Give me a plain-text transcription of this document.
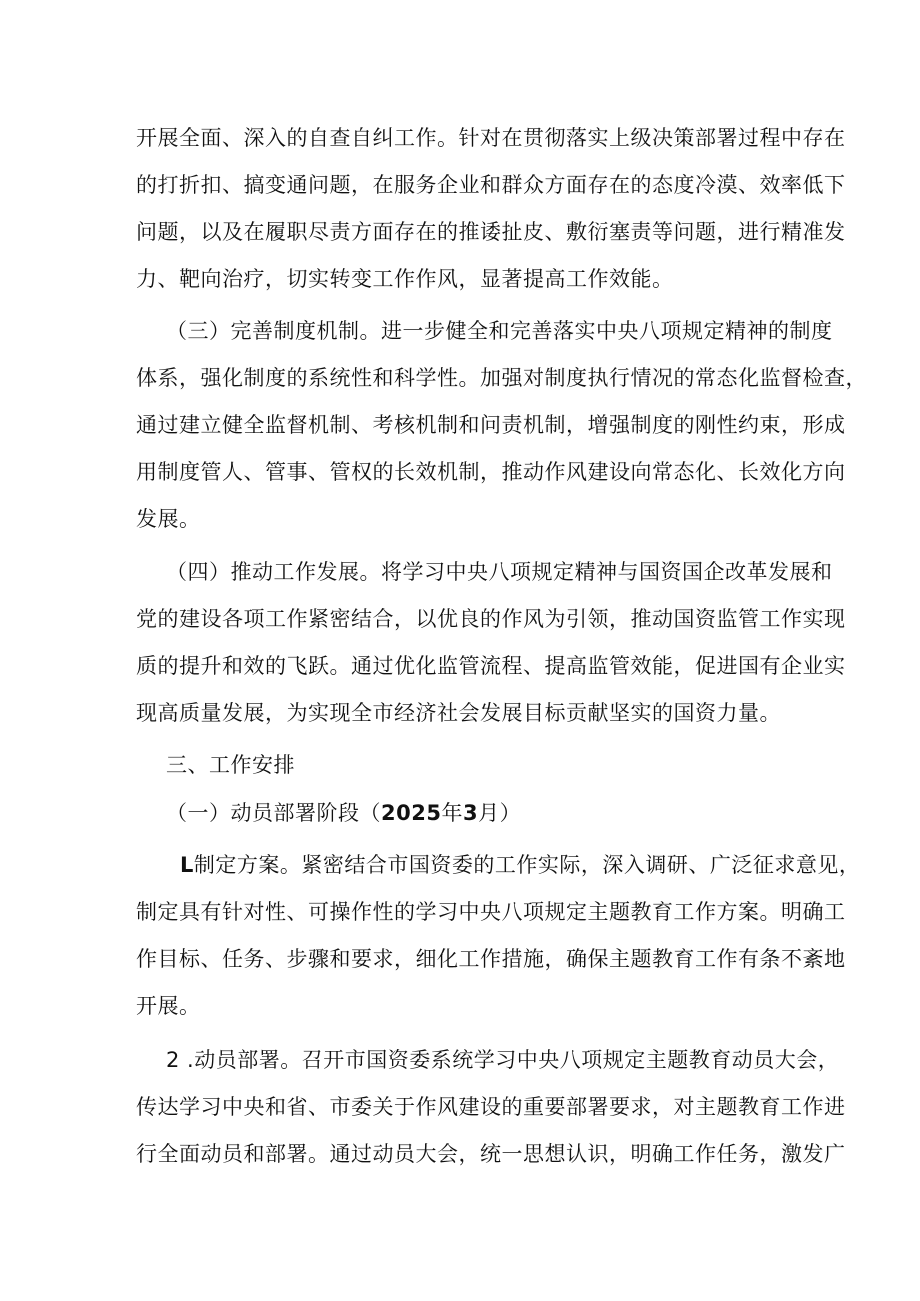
开展全面、深入的自查自纠工作。针对在贯彻落实上级决策部署过程中存在
的打折扣、搞变通问题，在服务企业和群众方面存在的态度冷漠、效率低下
问题，以及在履职尽责方面存在的推诿扯皮、敷衍塞责等问题，进行精准发
力、靶向治疗，切实转变工作作风，显著提高工作效能。
（三）完善制度机制。进一步健全和完善落实中央八项规定精神的制度
体系，强化制度的系统性和科学性。加强对制度执行情况的常态化监督检查，
通过建立健全监督机制、考核机制和问责机制，增强制度的刚性约束，形成
用制度管人、管事、管权的长效机制，推动作风建设向常态化、长效化方向
发展。
（四）推动工作发展。将学习中央八项规定精神与国资国企改革发展和
党的建设各项工作紧密结合，以优良的作风为引领，推动国资监管工作实现
质的提升和效的飞跃。通过优化监管流程、提高监管效能，促进国有企业实
现高质量发展，为实现全市经济社会发展目标贡献坚实的国资力量。
三、工作安排
（一）动员部署阶段（2025年3月）
L制定方案。紧密结合市国资委的工作实际，深入调研、广泛征求意见，
制定具有针对性、可操作性的学习中央八项规定主题教育工作方案。明确工
作目标、任务、步骤和要求，细化工作措施，确保主题教育工作有条不紊地
开展。
2 .动员部署。召开市国资委系统学习中央八项规定主题教育动员大会，
传达学习中央和省、市委关于作风建设的重要部署要求，对主题教育工作进
行全面动员和部署。通过动员大会，统一思想认识，明确工作任务，激发广
